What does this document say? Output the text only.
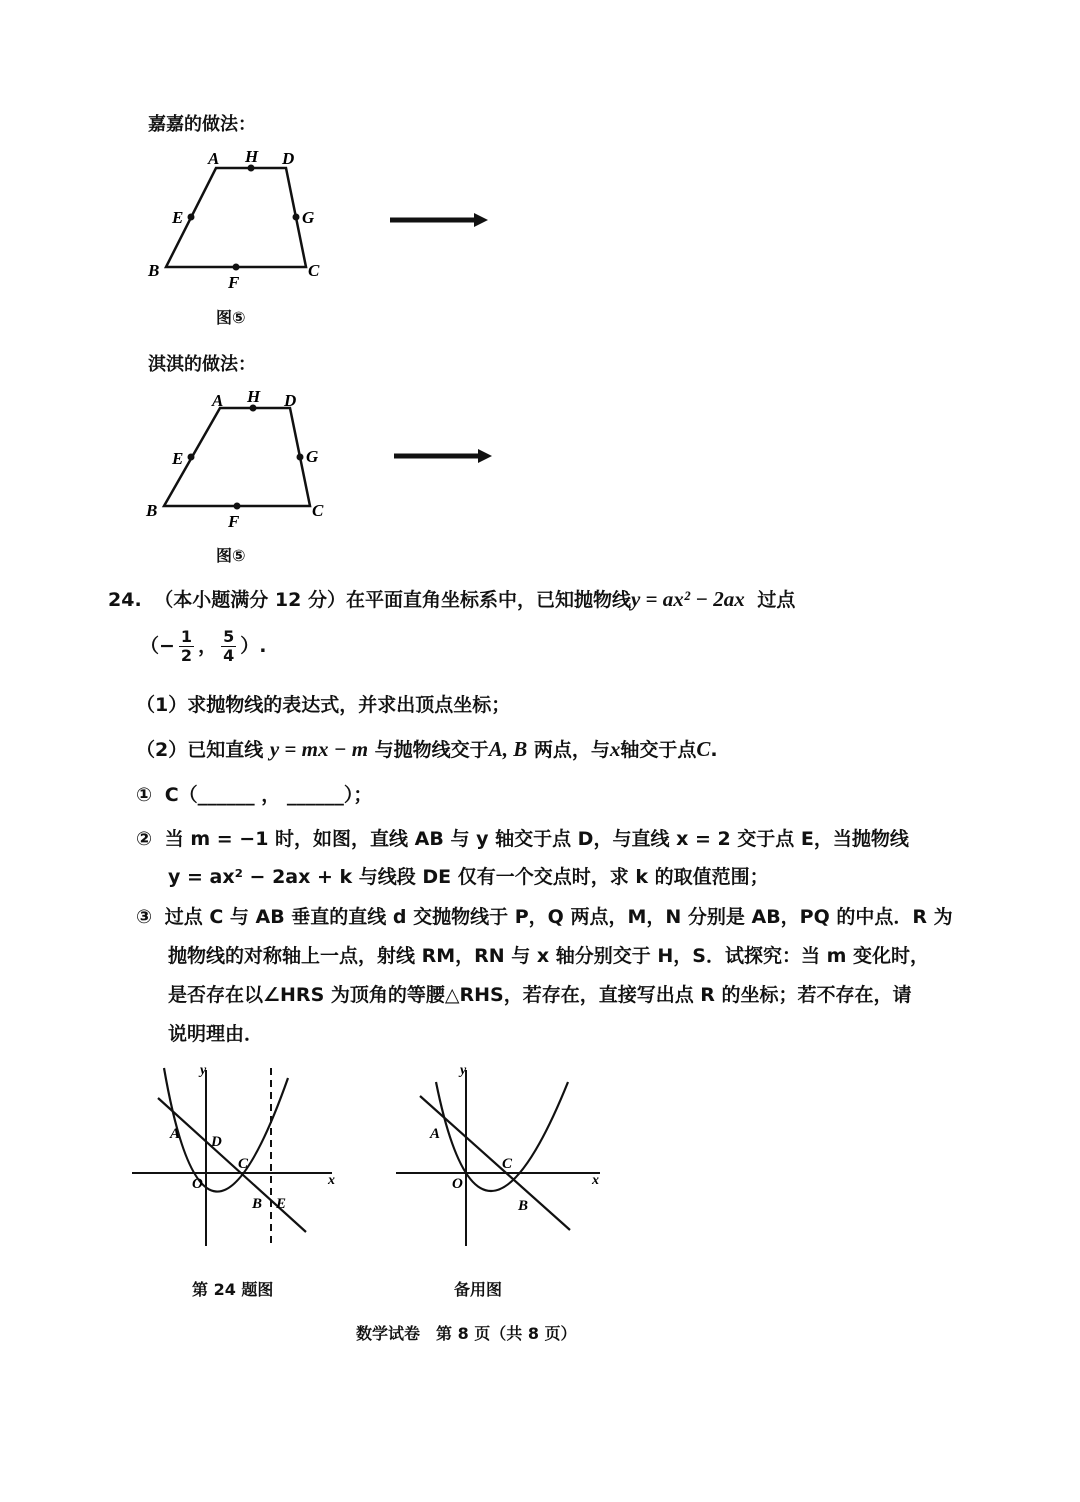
嘉嘉的做法：
A H D
E	G
B
F
C
图⑤
淇淇的做法：
A H D
E	G
B
F
C
图⑤
24. （本小题满分 12 分）在平面直角坐标系中，已知抛物线y = ax² − 2ax 过点
（− $\frac{1}{2}$ ， $\frac{5}{4}$ ）.
（1）求抛物线的表达式，并求出顶点坐标；
（2）已知直线 y = mx − m 与抛物线交于A, B 两点，与x轴交于点C.
① C（______ ， ______）；
② 当 m = −1 时，如图，直线 AB 与 y 轴交于点 D，与直线 x = 2 交于点 E，当抛物线
y = ax² − 2ax + k 与线段 DE 仅有一个交点时，求 k 的取值范围；
③ 过点 C 与 AB 垂直的直线 d 交抛物线于 P，Q 两点，M，N 分别是 AB，PQ 的中点．R 为
抛物线的对称轴上一点，射线 RM，RN 与 x 轴分别交于 H，S．试探究：当 m 变化时，
是否存在以∠HRS 为顶角的等腰△RHS，若存在，直接写出点 R 的坐标；若不存在，请
说明理由．
y
x
A D
C
O
B E
第 24 题图
y
x
A
C
O
B
备用图
数学试卷　第 8 页（共 8 页）
